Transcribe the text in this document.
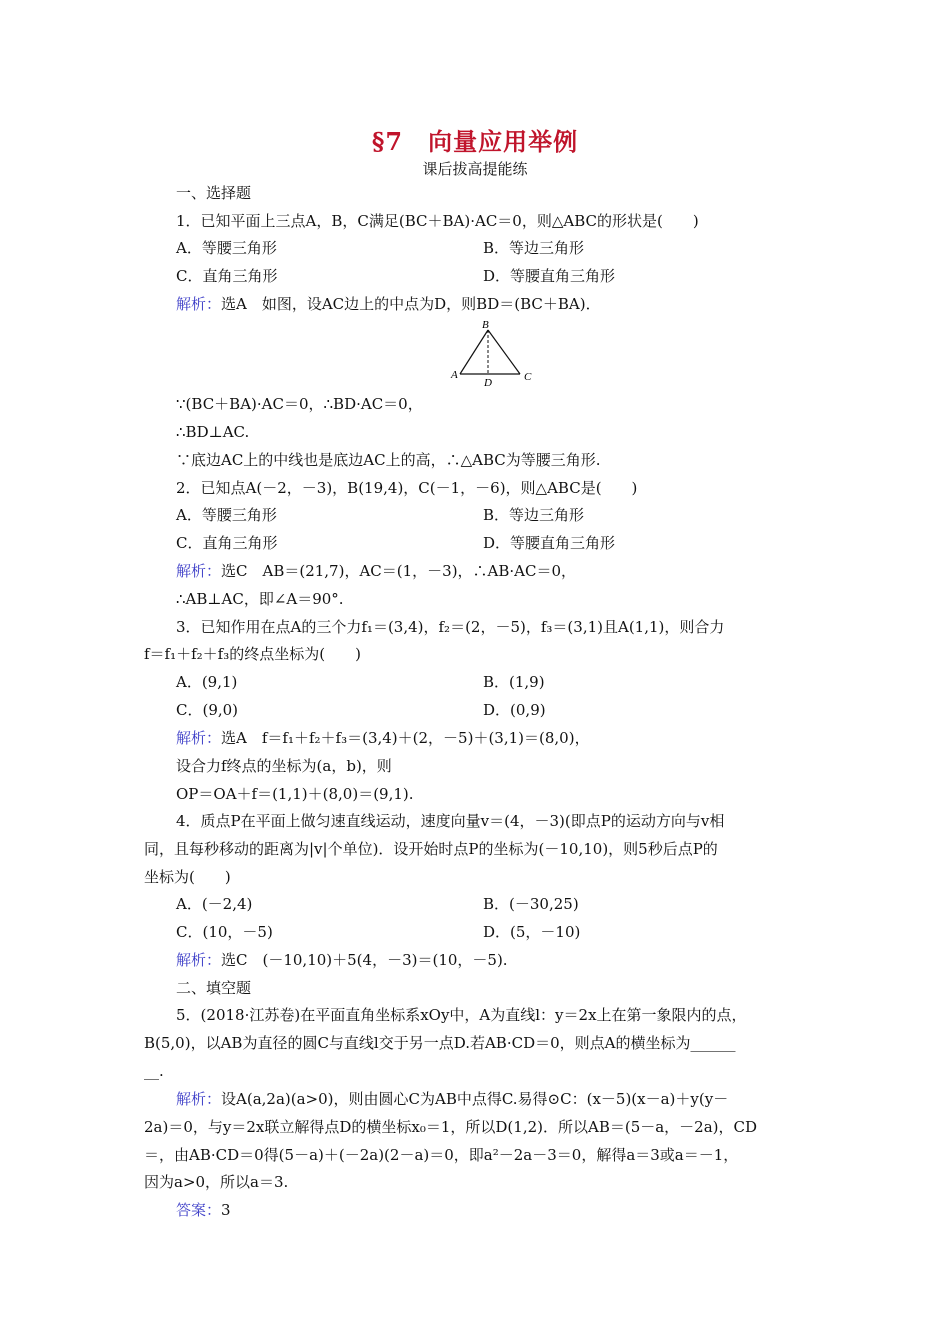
§7　向量应用举例
课后拔高提能练
一、选择题
1．已知平面上三点A，B，C满足(BC＋BA)·AC＝0，则△ABC的形状是(　　)
A．等腰三角形	B．等边三角形
C．直角三角形	D．等腰直角三角形
解析：选A　如图，设AC边上的中点为D，则BD＝(BC＋BA)．
B
A
D	C
∵(BC＋BA)·AC＝0，∴BD·AC＝0，
∴BD⊥AC.
∵底边AC上的中线也是底边AC上的高，∴△ABC为等腰三角形.
2．已知点A(－2，－3)，B(19,4)，C(－1，－6)，则△ABC是(　　)
A．等腰三角形	B．等边三角形
C．直角三角形	D．等腰直角三角形
解析：选C　AB＝(21,7)，AC＝(1，－3)，∴AB·AC＝0，
∴AB⊥AC，即∠A＝90°.
3．已知作用在点A的三个力f₁＝(3,4)，f₂＝(2，－5)，f₃＝(3,1)且A(1,1)，则合力
f＝f₁＋f₂＋f₃的终点坐标为(　　)
A．(9,1)	B．(1,9)
C．(9,0)	D．(0,9)
解析：选A　f＝f₁＋f₂＋f₃＝(3,4)＋(2，－5)＋(3,1)＝(8,0)，
设合力f终点的坐标为(a，b)，则
OP＝OA＋f＝(1,1)＋(8,0)＝(9,1).
4．质点P在平面上做匀速直线运动，速度向量v＝(4，－3)(即点P的运动方向与v相
同，且每秒移动的距离为|v|个单位)．设开始时点P的坐标为(－10,10)，则5秒后点P的
坐标为(　　)
A．(－2,4)	B．(－30,25)
C．(10，－5)	D．(5，－10)
解析：选C　(－10,10)＋5(4，－3)＝(10，－5).
二、填空题
5．(2018·江苏卷)在平面直角坐标系xOy中，A为直线l：y＝2x上在第一象限内的点，
B(5,0)，以AB为直径的圆C与直线l交于另一点D.若AB·CD＝0，则点A的横坐标为______
__.
解析：设A(a,2a)(a>0)，则由圆心C为AB中点得C.易得⊙C：(x－5)(x－a)＋y(y－
2a)＝0，与y＝2x联立解得点D的横坐标x₀＝1，所以D(1,2)．所以AB＝(5－a，－2a)，CD
＝，由AB·CD＝0得(5－a)＋(－2a)(2－a)＝0，即a²－2a－3＝0，解得a＝3或a＝－1，
因为a>0，所以a＝3.
答案：3
